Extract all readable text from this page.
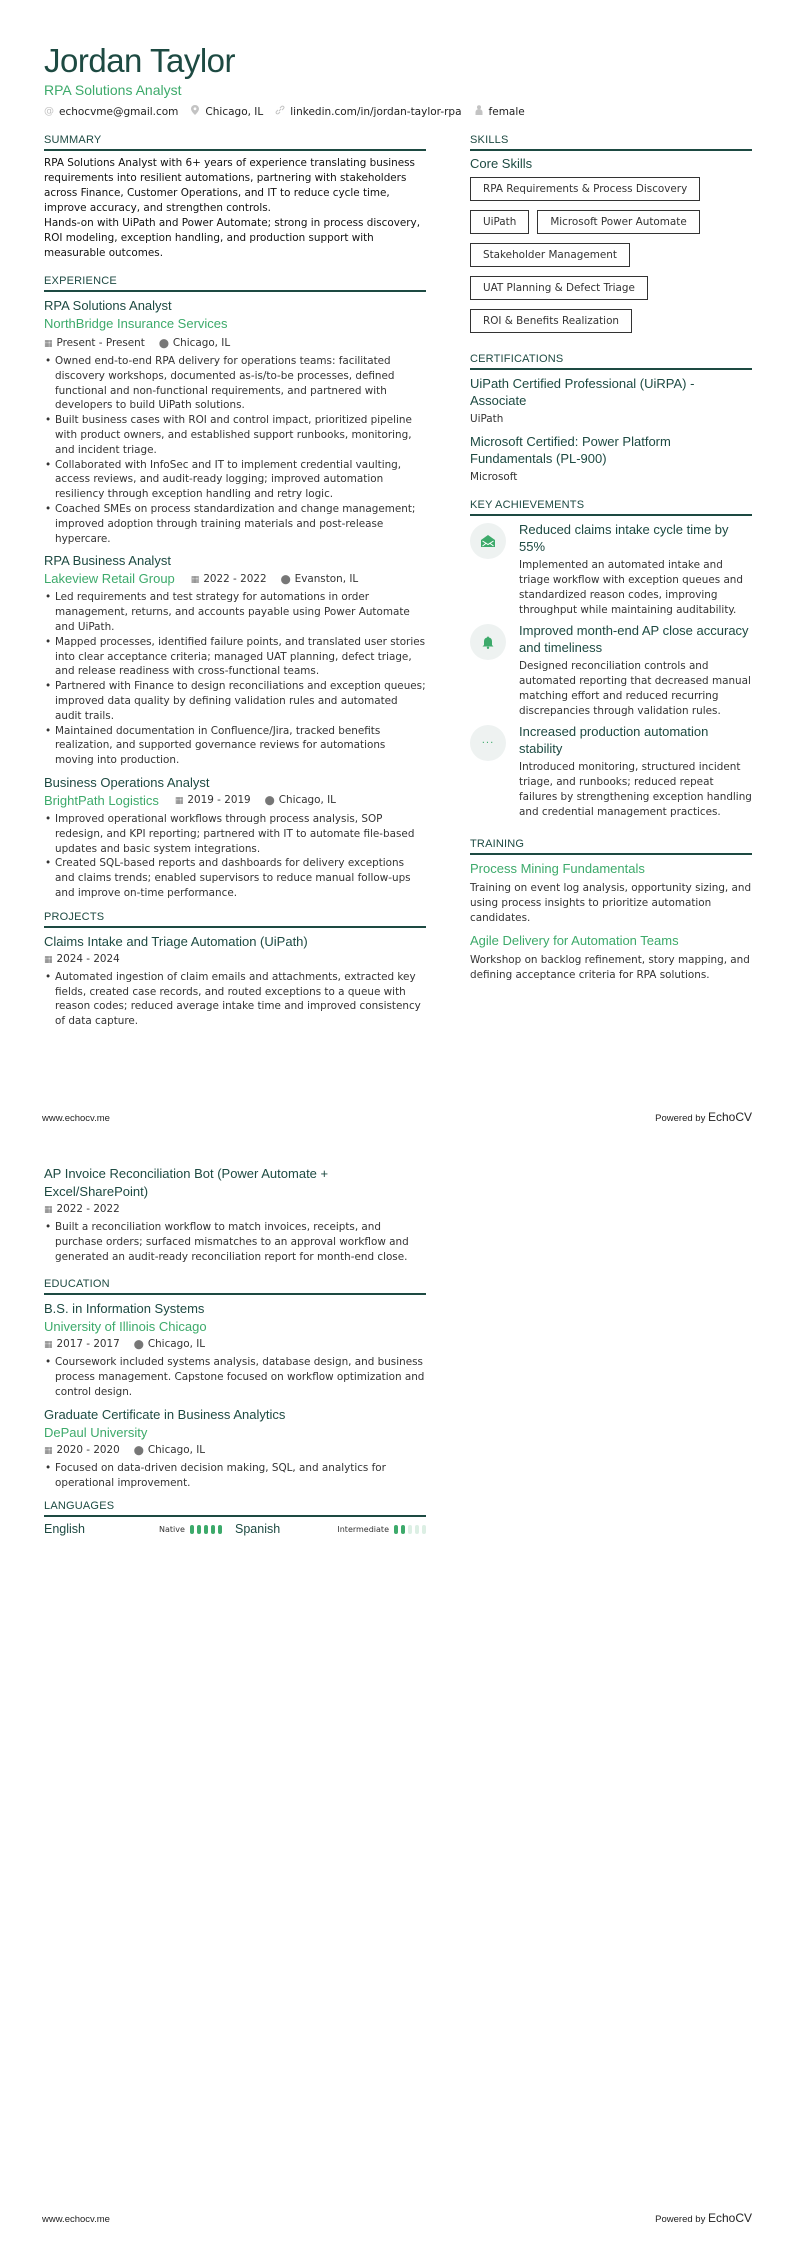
Jordan Taylor
RPA Solutions Analyst
@ echocvme@gmail.com	Chicago, IL	linkedin.com/in/jordan-taylor-rpa	female
SUMMARY

RPA Solutions Analyst with 6+ years of experience translating business requirements into resilient automations, partnering with stakeholders across Finance, Customer Operations, and IT to reduce cycle time, improve accuracy, and strengthen controls.

Hands-on with UiPath and Power Automate; strong in process discovery, ROI modeling, exception handling, and production support with measurable outcomes.

EXPERIENCE
RPA Solutions Analyst
NorthBridge Insurance Services
▦ Present - Present ⬤ Chicago, IL
• Owned end-to-end RPA delivery for operations teams: facilitated discovery workshops, documented as-is/to-be processes, defined functional and non-functional requirements, and partnered with developers to build UiPath solutions.
• Built business cases with ROI and control impact, prioritized pipeline with product owners, and established support runbooks, monitoring, and incident triage.
• Collaborated with InfoSec and IT to implement credential vaulting, access reviews, and audit-ready logging; improved automation resiliency through exception handling and retry logic.
• Coached SMEs on process standardization and change management; improved adoption through training materials and post-release hypercare.
RPA Business Analyst
Lakeview Retail Group ▦ 2022 - 2022 ⬤ Evanston, IL
• Led requirements and test strategy for automations in order management, returns, and accounts payable using Power Automate and UiPath.
• Mapped processes, identified failure points, and translated user stories into clear acceptance criteria; managed UAT planning, defect triage, and release readiness with cross-functional teams.
• Partnered with Finance to design reconciliations and exception queues; improved data quality by defining validation rules and automated audit trails.
• Maintained documentation in Confluence/Jira, tracked benefits realization, and supported governance reviews for automations moving into production.
Business Operations Analyst
BrightPath Logistics ▦ 2019 - 2019 ⬤ Chicago, IL
• Improved operational workflows through process analysis, SOP redesign, and KPI reporting; partnered with IT to automate file-based updates and basic system integrations.
• Created SQL-based reports and dashboards for delivery exceptions and claims trends; enabled supervisors to reduce manual follow-ups and improve on-time performance.
PROJECTS
Claims Intake and Triage Automation (UiPath)
▦ 2024 - 2024
• Automated ingestion of claim emails and attachments, extracted key fields, created case records, and routed exceptions to a queue with reason codes; reduced average intake time and improved consistency of data capture.
SKILLS
Core Skills
RPA Requirements & Process Discovery
UiPath	Microsoft Power Automate
Stakeholder Management
UAT Planning & Defect Triage
ROI & Benefits Realization
CERTIFICATIONS
UiPath Certified Professional (UiRPA) - Associate
UiPath
Microsoft Certified: Power Platform Fundamentals (PL-900)
Microsoft
KEY ACHIEVEMENTS
Reduced claims intake cycle time by 55%
Implemented an automated intake and triage workflow with exception queues and standardized reason codes, improving throughput while maintaining auditability.
Improved month-end AP close accuracy and timeliness
Designed reconciliation controls and automated reporting that decreased manual matching effort and reduced recurring discrepancies through validation rules.
···
Increased production automation stability
Introduced monitoring, structured incident triage, and runbooks; reduced repeat failures by strengthening exception handling and credential management practices.
TRAINING
Process Mining Fundamentals
Training on event log analysis, opportunity sizing, and using process insights to prioritize automation candidates.
Agile Delivery for Automation Teams
Workshop on backlog refinement, story mapping, and defining acceptance criteria for RPA solutions.
www.echocv.me	Powered by EchoCV
AP Invoice Reconciliation Bot (Power Automate + Excel/SharePoint)
▦ 2022 - 2022
• Built a reconciliation workflow to match invoices, receipts, and purchase orders; surfaced mismatches to an approval workflow and generated an audit-ready reconciliation report for month-end close.
EDUCATION
B.S. in Information Systems
University of Illinois Chicago
▦ 2017 - 2017 ⬤ Chicago, IL
• Coursework included systems analysis, database design, and business process management. Capstone focused on workflow optimization and control design.
Graduate Certificate in Business Analytics
DePaul University
▦ 2020 - 2020 ⬤ Chicago, IL
• Focused on data-driven decision making, SQL, and analytics for operational improvement.
LANGUAGES
English	Native	Spanish	Intermediate
www.echocv.me	Powered by EchoCV
